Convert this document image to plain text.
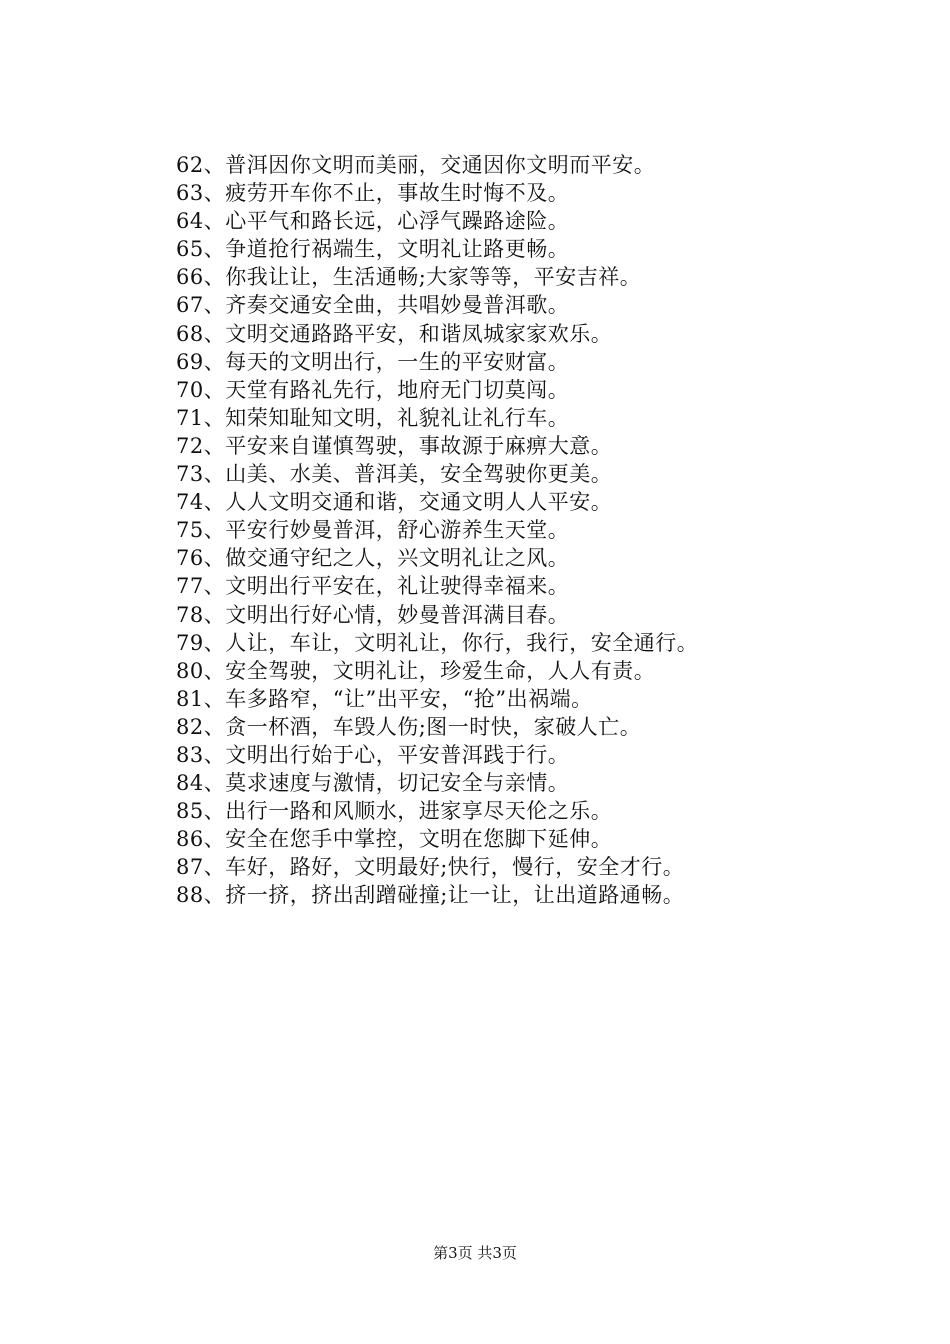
62、普洱因你文明而美丽，交通因你文明而平安。
63、疲劳开车你不止，事故生时悔不及。
64、心平气和路长远，心浮气躁路途险。
65、争道抢行祸端生，文明礼让路更畅。
66、你我让让，生活通畅;大家等等，平安吉祥。
67、齐奏交通安全曲，共唱妙曼普洱歌。
68、文明交通路路平安，和谐凤城家家欢乐。
69、每天的文明出行，一生的平安财富。
70、天堂有路礼先行，地府无门切莫闯。
71、知荣知耻知文明，礼貌礼让礼行车。
72、平安来自谨慎驾驶，事故源于麻痹大意。
73、山美、水美、普洱美，安全驾驶你更美。
74、人人文明交通和谐，交通文明人人平安。
75、平安行妙曼普洱，舒心游养生天堂。
76、做交通守纪之人，兴文明礼让之风。
77、文明出行平安在，礼让驶得幸福来。
78、文明出行好心情，妙曼普洱满目春。
79、人让，车让，文明礼让，你行，我行，安全通行。
80、安全驾驶，文明礼让，珍爱生命，人人有责。
81、车多路窄，“让”出平安，“抢”出祸端。
82、贪一杯酒，车毁人伤;图一时快，家破人亡。
83、文明出行始于心，平安普洱践于行。
84、莫求速度与激情，切记安全与亲情。
85、出行一路和风顺水，进家享尽天伦之乐。
86、安全在您手中掌控，文明在您脚下延伸。
87、车好，路好，文明最好;快行，慢行，安全才行。
88、挤一挤，挤出刮蹭碰撞;让一让，让出道路通畅。
第3页 共3页
